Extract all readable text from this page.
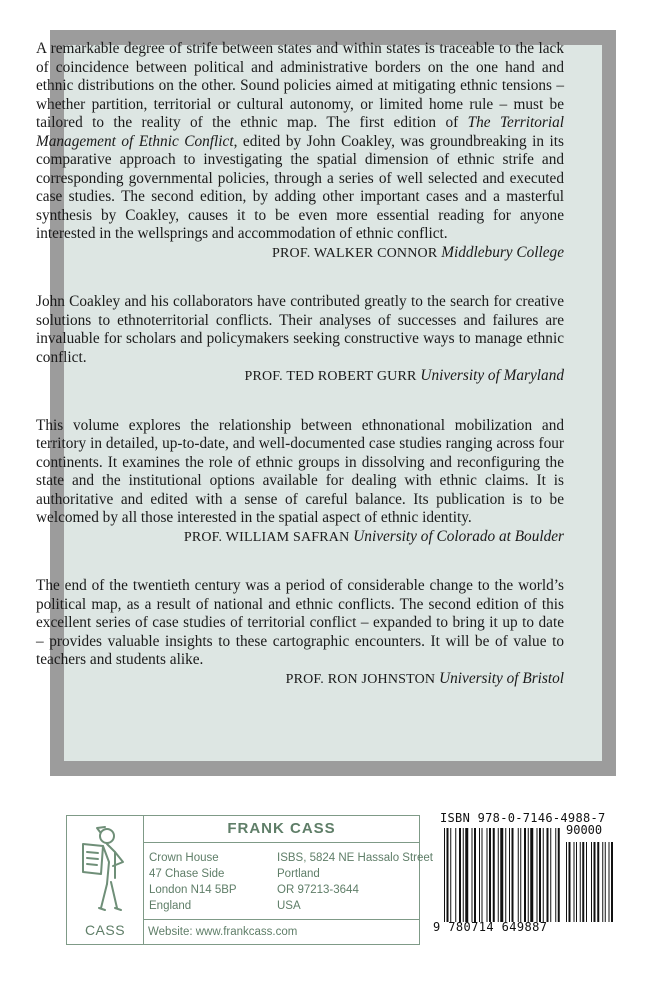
A remarkable degree of strife between states and within states is traceable to the lack of coincidence between political and administrative borders on the one hand and ethnic distributions on the other. Sound policies aimed at mitigating ethnic tensions – whether partition, territorial or cultural autonomy, or limited home rule – must be tailored to the reality of the ethnic map. The first edition of The Territorial Management of Ethnic Conflict, edited by John Coakley, was groundbreaking in its comparative approach to investigating the spatial dimension of ethnic strife and corresponding governmental policies, through a series of well selected and executed case studies. The second edition, by adding other important cases and a masterful synthesis by Coakley, causes it to be even more essential reading for anyone interested in the wellsprings and accommodation of ethnic conflict.

PROF. WALKER CONNOR Middlebury College

John Coakley and his collaborators have contributed greatly to the search for creative solutions to ethnoterritorial conflicts. Their analyses of successes and failures are invaluable for scholars and policymakers seeking constructive ways to manage ethnic conflict.

PROF. TED ROBERT GURR University of Maryland

This volume explores the relationship between ethnonational mobilization and territory in detailed, up-to-date, and well-documented case studies ranging across four continents. It examines the role of ethnic groups in dissolving and reconfiguring the state and the institutional options available for dealing with ethnic claims. It is authoritative and edited with a sense of careful balance. Its publication is to be welcomed by all those interested in the spatial aspect of ethnic identity.

PROF. WILLIAM SAFRAN University of Colorado at Boulder

The end of the twentieth century was a period of considerable change to the world’s political map, as a result of national and ethnic conflicts. The second edition of this excellent series of case studies of territorial conflict – expanded to bring it up to date – provides valuable insights to these cartographic encounters. It will be of value to teachers and students alike.

PROF. RON JOHNSTON University of Bristol
CASS
FRANK CASS
Crown House
47 Chase Side
London N14 5BP
England
ISBS, 5824 NE Hassalo Street
Portland
OR 97213-3644
USA
Website: www.frankcass.com
ISBN 978-0-7146-4988-7
90000
9 780714 649887
